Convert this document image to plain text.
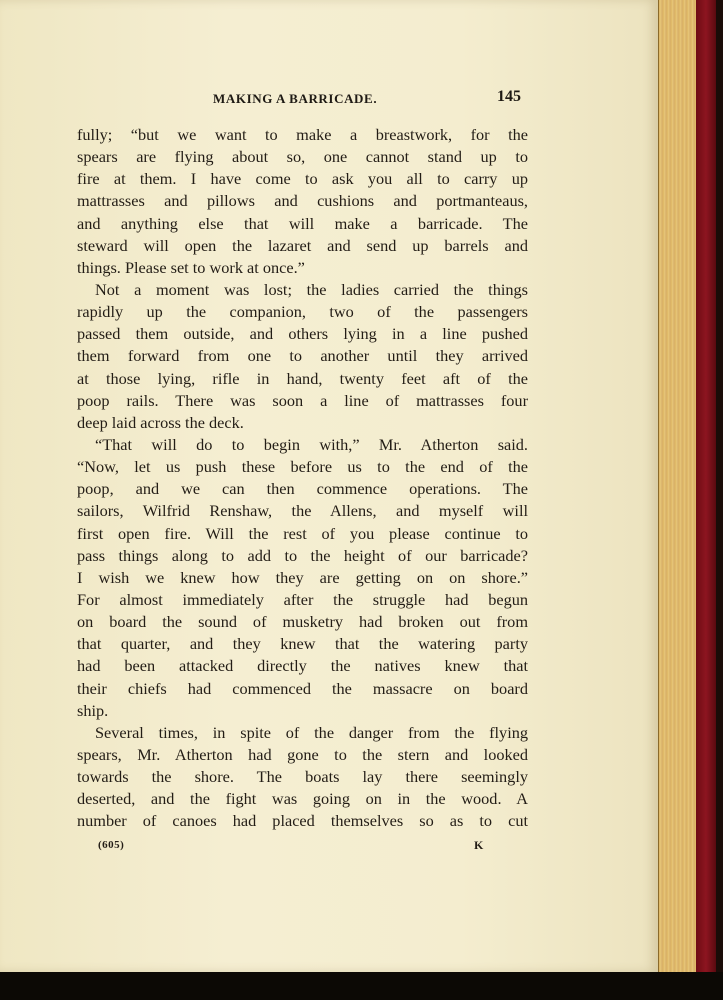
MAKING A BARRICADE.	145
fully; “but we want to make a breastwork, for the
spears are flying about so, one cannot stand up to
fire at them. I have come to ask you all to carry up
mattrasses and pillows and cushions and portmanteaus,
and anything else that will make a barricade. The
steward will open the lazaret and send up barrels and
things. Please set to work at once.”
Not a moment was lost; the ladies carried the things
rapidly up the companion, two of the passengers
passed them outside, and others lying in a line pushed
them forward from one to another until they arrived
at those lying, rifle in hand, twenty feet aft of the
poop rails. There was soon a line of mattrasses four
deep laid across the deck.
“That will do to begin with,” Mr. Atherton said.
“Now, let us push these before us to the end of the
poop, and we can then commence operations. The
sailors, Wilfrid Renshaw, the Allens, and myself will
first open fire. Will the rest of you please continue to
pass things along to add to the height of our barricade?
I wish we knew how they are getting on on shore.”
For almost immediately after the struggle had begun
on board the sound of musketry had broken out from
that quarter, and they knew that the watering party
had been attacked directly the natives knew that
their chiefs had commenced the massacre on board
ship.
Several times, in spite of the danger from the flying
spears, Mr. Atherton had gone to the stern and looked
towards the shore. The boats lay there seemingly
deserted, and the fight was going on in the wood. A
number of canoes had placed themselves so as to cut
(605)	K
